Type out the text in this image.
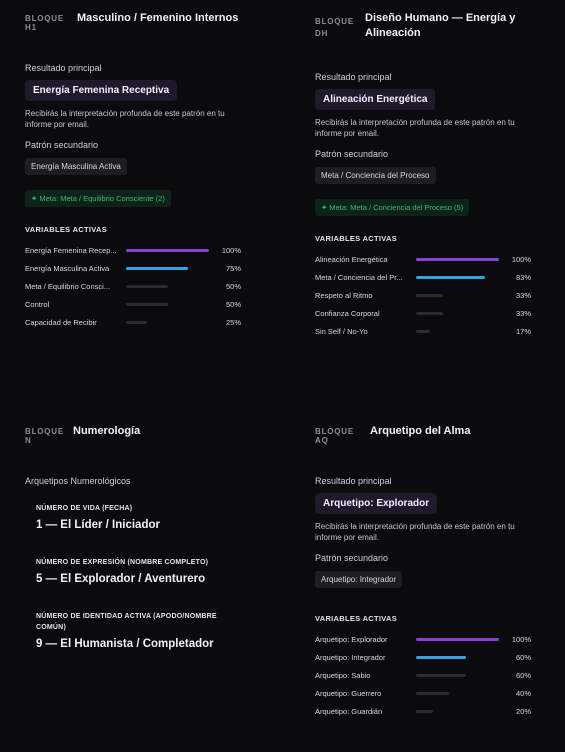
BLOQUE H1
Masculino / Femenino Internos
Resultado principal
Energía Femenina Receptiva
Recibirás la interpretación profunda de este patrón en tu informe por email.
Patrón secundario
Energía Masculina Activa
✦ Meta: Meta / Equilibrio Consciente (2)
VARIABLES ACTIVAS
Energía Femenina Recep...	100%
Energía Masculina Activa	75%
Meta / Equilibrio Consci...	50%
Control	50%
Capacidad de Recibir	25%
BLOQUE DH
Diseño Humano — Energía y Alineación
Resultado principal
Alineación Energética
Recibirás la interpretación profunda de este patrón en tu informe por email.
Patrón secundario
Meta / Conciencia del Proceso
✦ Meta: Meta / Conciencia del Proceso (5)
VARIABLES ACTIVAS
Alineación Energética	100%
Meta / Conciencia del Pr...	83%
Respeto al Ritmo	33%
Confianza Corporal	33%
Sin Self / No-Yo	17%
BLOQUE N
Numerología
Arquetipos Numerológicos
NÚMERO DE VIDA (FECHA)
1 — El Líder / Iniciador
NÚMERO DE EXPRESIÓN (NOMBRE COMPLETO)
5 — El Explorador / Aventurero
NÚMERO DE IDENTIDAD ACTIVA (APODO/NOMBRE COMÚN)
9 — El Humanista / Completador
BLOQUE AQ
Arquetipo del Alma
Resultado principal
Arquetipo: Explorador
Recibirás la interpretación profunda de este patrón en tu informe por email.
Patrón secundario
Arquetipo: Integrador
VARIABLES ACTIVAS
Arquetipo: Explorador	100%
Arquetipo: Integrador	60%
Arquetipo: Sabio	60%
Arquetipo: Guerrero	40%
Arquetipo: Guardián	20%
